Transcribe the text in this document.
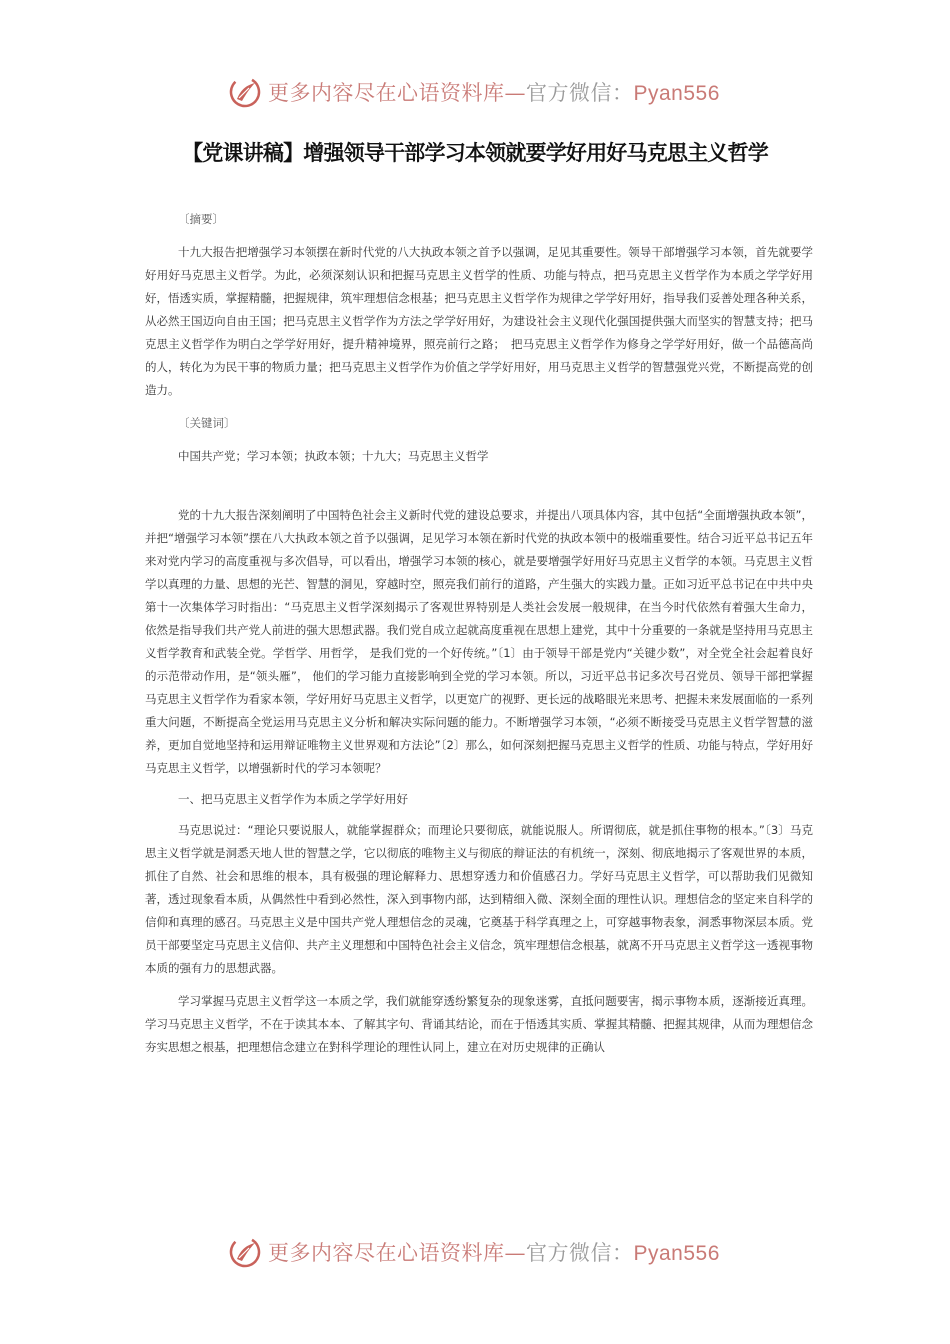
更多内容尽在心语资料库—官方微信：Pyan556
【党课讲稿】增强领导干部学习本领就要学好用好马克思主义哲学

〔摘要〕

十九大报告把增强学习本领摆在新时代党的八大执政本领之首予以强调，足见其重要性。领导干部增强学习本领，首先就要学好用好马克思主义哲学。为此，必须深刻认识和把握马克思主义哲学的性质、功能与特点，把马克思主义哲学作为本质之学学好用好，悟透实质，掌握精髓，把握规律，筑牢理想信念根基；把马克思主义哲学作为规律之学学好用好，指导我们妥善处理各种关系，从必然王国迈向自由王国；把马克思主义哲学作为方法之学学好用好，为建设社会主义现代化强国提供强大而坚实的智慧支持；把马克思主义哲学作为明白之学学好用好，提升精神境界，照亮前行之路；　把马克思主义哲学作为修身之学学好用好，做一个品德高尚的人，转化为为民干事的物质力量；把马克思主义哲学作为价值之学学好用好，用马克思主义哲学的智慧强党兴党，不断提高党的创造力。

〔关键词〕

中国共产党；学习本领；执政本领；十九大；马克思主义哲学

党的十九大报告深刻阐明了中国特色社会主义新时代党的建设总要求，并提出八项具体内容，其中包括“全面增强执政本领”，并把“增强学习本领”摆在八大执政本领之首予以强调，足见学习本领在新时代党的执政本领中的极端重要性。结合习近平总书记五年来对党内学习的高度重视与多次倡导，可以看出，增强学习本领的核心，就是要增强学好用好马克思主义哲学的本领。马克思主义哲学以真理的力量、思想的光芒、智慧的洞见，穿越时空，照亮我们前行的道路，产生强大的实践力量。正如习近平总书记在中共中央第十一次集体学习时指出：“马克思主义哲学深刻揭示了客观世界特别是人类社会发展一般规律，在当今时代依然有着强大生命力，依然是指导我们共产党人前进的强大思想武器。我们党自成立起就高度重视在思想上建党，其中十分重要的一条就是坚持用马克思主义哲学教育和武装全党。学哲学、用哲学， 是我们党的一个好传统。”〔1〕由于领导干部是党内“关键少数”，对全党全社会起着良好的示范带动作用，是“领头雁”， 他们的学习能力直接影响到全党的学习本领。所以，习近平总书记多次号召党员、领导干部把掌握马克思主义哲学作为看家本领，学好用好马克思主义哲学，以更宽广的视野、更长远的战略眼光来思考、把握未来发展面临的一系列重大问题，不断提高全党运用马克思主义分析和解决实际问题的能力。不断增强学习本领，“必须不断接受马克思主义哲学智慧的滋养，更加自觉地坚持和运用辩证唯物主义世界观和方法论”〔2〕那么，如何深刻把握马克思主义哲学的性质、功能与特点，学好用好马克思主义哲学，以增强新时代的学习本领呢？

一、把马克思主义哲学作为本质之学学好用好

马克思说过：“理论只要说服人，就能掌握群众；而理论只要彻底，就能说服人。所谓彻底，就是抓住事物的根本。”〔3〕马克思主义哲学就是洞悉天地人世的智慧之学，它以彻底的唯物主义与彻底的辩证法的有机统一，深刻、彻底地揭示了客观世界的本质，抓住了自然、社会和思维的根本，具有极强的理论解释力、思想穿透力和价值感召力。学好马克思主义哲学，可以帮助我们见微知著，透过现象看本质，从偶然性中看到必然性，深入到事物内部，达到精细入微、深刻全面的理性认识。理想信念的坚定来自科学的信仰和真理的感召。马克思主义是中国共产党人理想信念的灵魂，它奠基于科学真理之上，可穿越事物表象，洞悉事物深层本质。党员干部要坚定马克思主义信仰、共产主义理想和中国特色社会主义信念，筑牢理想信念根基，就离不开马克思主义哲学这一透视事物本质的强有力的思想武器。

学习掌握马克思主义哲学这一本质之学，我们就能穿透纷繁复杂的现象迷雾，直抵问题要害，揭示事物本质，逐渐接近真理。学习马克思主义哲学，不在于读其本本、了解其字句、背诵其结论，而在于悟透其实质、掌握其精髓、把握其规律，从而为理想信念夯实思想之根基，把理想信念建立在對科学理论的理性认同上，建立在对历史规律的正确认

更多内容尽在心语资料库—官方微信：Pyan556
